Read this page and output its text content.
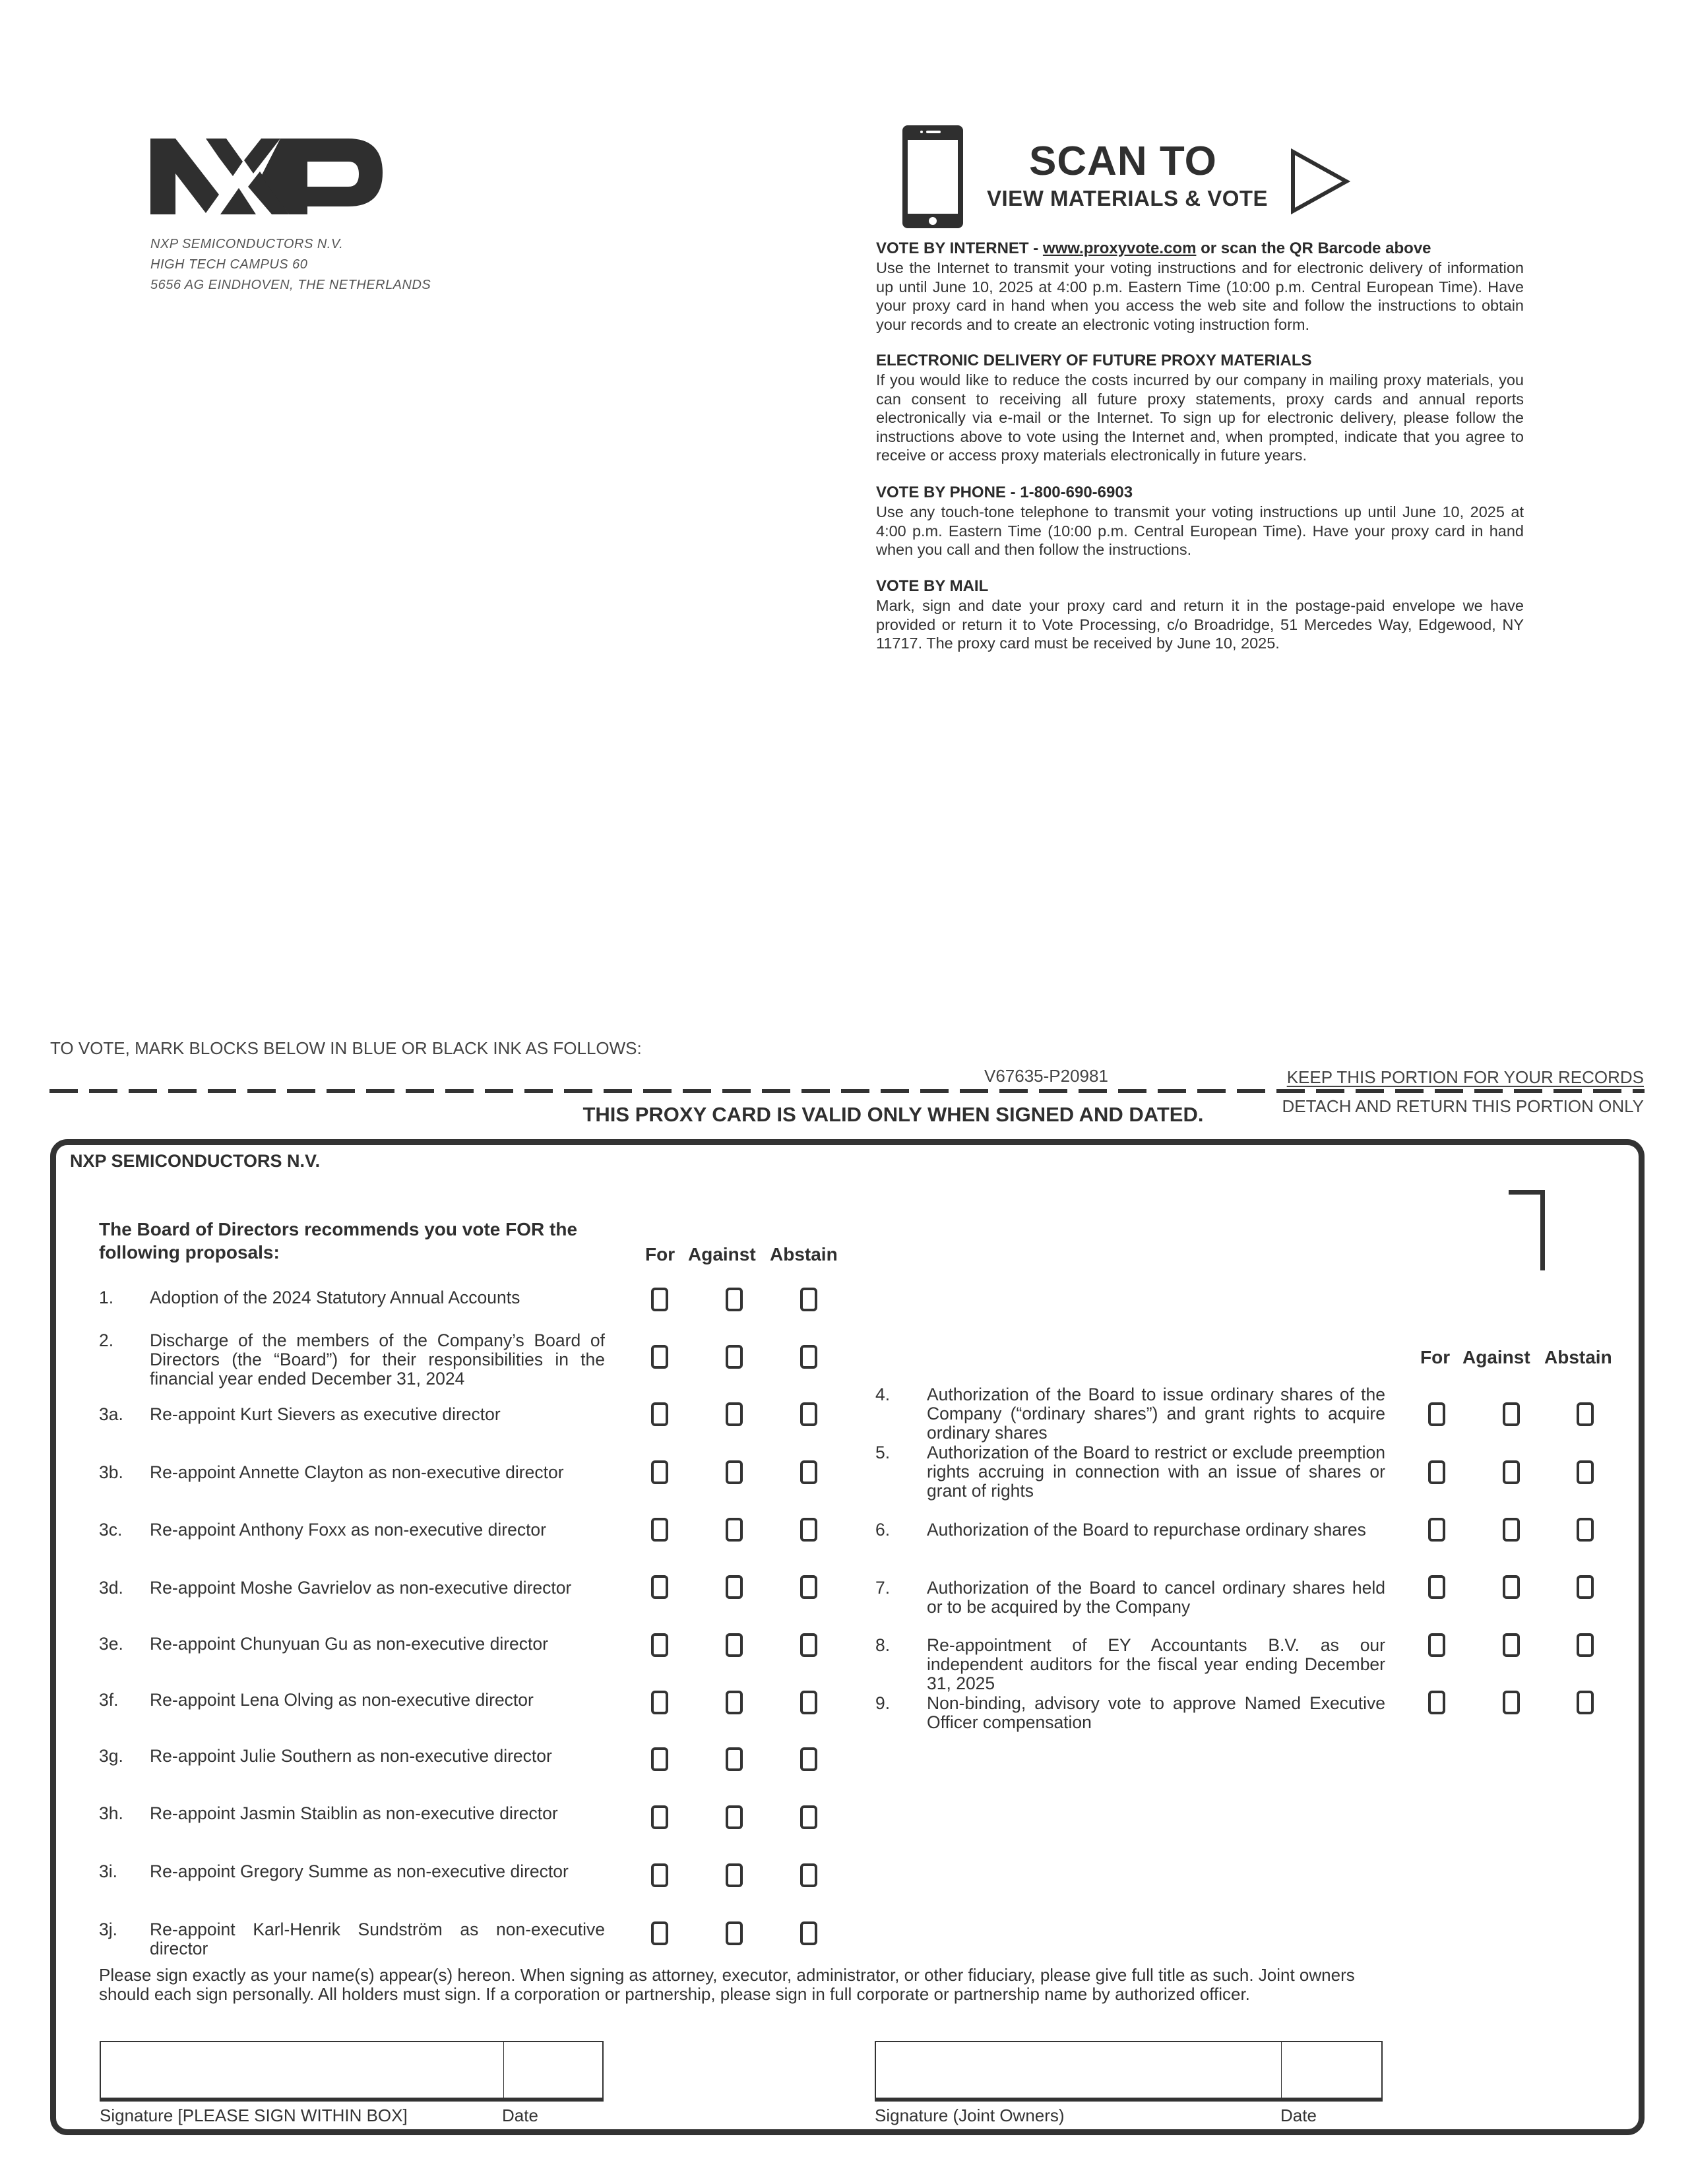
NXP SEMICONDUCTORS N.V.
HIGH TECH CAMPUS 60
5656 AG EINDHOVEN, THE NETHERLANDS
SCAN TO
VIEW MATERIALS & VOTE
VOTE BY INTERNET - www.proxyvote.com or scan the QR Barcode above

Use the Internet to transmit your voting instructions and for electronic delivery of information up until June 10, 2025 at 4:00 p.m. Eastern Time (10:00 p.m. Central European Time). Have your proxy card in hand when you access the web site and follow the instructions to obtain your records and to create an electronic voting instruction form.

ELECTRONIC DELIVERY OF FUTURE PROXY MATERIALS

If you would like to reduce the costs incurred by our company in mailing proxy materials, you can consent to receiving all future proxy statements, proxy cards and annual reports electronically via e-mail or the Internet. To sign up for electronic delivery, please follow the instructions above to vote using the Internet and, when prompted, indicate that you agree to receive or access proxy materials electronically in future years.

VOTE BY PHONE - 1-800-690-6903

Use any touch-tone telephone to transmit your voting instructions up until June 10, 2025 at 4:00 p.m. Eastern Time (10:00 p.m. Central European Time). Have your proxy card in hand when you call and then follow the instructions.

VOTE BY MAIL

Mark, sign and date your proxy card and return it in the postage-paid envelope we have provided or return it to Vote Processing, c/o Broadridge, 51 Mercedes Way, Edgewood, NY 11717. The proxy card must be received by June 10, 2025.

TO VOTE, MARK BLOCKS BELOW IN BLUE OR BLACK INK AS FOLLOWS:
V67635-P20981	KEEP THIS PORTION FOR YOUR RECORDS
DETACH AND RETURN THIS PORTION ONLY
THIS PROXY CARD IS VALID ONLY WHEN SIGNED AND DATED.
NXP SEMICONDUCTORS N.V.
The Board of Directors recommends you vote FOR the
following proposals:	For Against Abstain
For Against Abstain
1. Adoption of the 2024 Statutory Annual Accounts
2. Discharge of the members of the Company’s Board of Directors (the “Board”) for their responsibilities in the financial year ended December 31, 2024
3a. Re-appoint Kurt Sievers as executive director
3b. Re-appoint Annette Clayton as non-executive director
3c. Re-appoint Anthony Foxx as non-executive director
3d. Re-appoint Moshe Gavrielov as non-executive director
3e. Re-appoint Chunyuan Gu as non-executive director
3f. Re-appoint Lena Olving as non-executive director
3g. Re-appoint Julie Southern as non-executive director
3h. Re-appoint Jasmin Staiblin as non-executive director
3i. Re-appoint Gregory Summe as non-executive director
3j. Re-appoint Karl-Henrik Sundström as non-executive director
4. Authorization of the Board to issue ordinary shares of the Company (“ordinary shares”) and grant rights to acquire ordinary shares
5. Authorization of the Board to restrict or exclude preemption rights accruing in connection with an issue of shares or grant of rights
6. Authorization of the Board to repurchase ordinary shares
7. Authorization of the Board to cancel ordinary shares held or to be acquired by the Company
8. Re-appointment of EY Accountants B.V. as our independent auditors for the fiscal year ending December 31, 2025
9. Non-binding, advisory vote to approve Named Executive Officer compensation
Please sign exactly as your name(s) appear(s) hereon. When signing as attorney, executor, administrator, or other fiduciary, please give full title as such. Joint owners should each sign personally. All holders must sign. If a corporation or partnership, please sign in full corporate or partnership name by authorized officer.
Signature [PLEASE SIGN WITHIN BOX]	Date	Signature (Joint Owners)	Date
